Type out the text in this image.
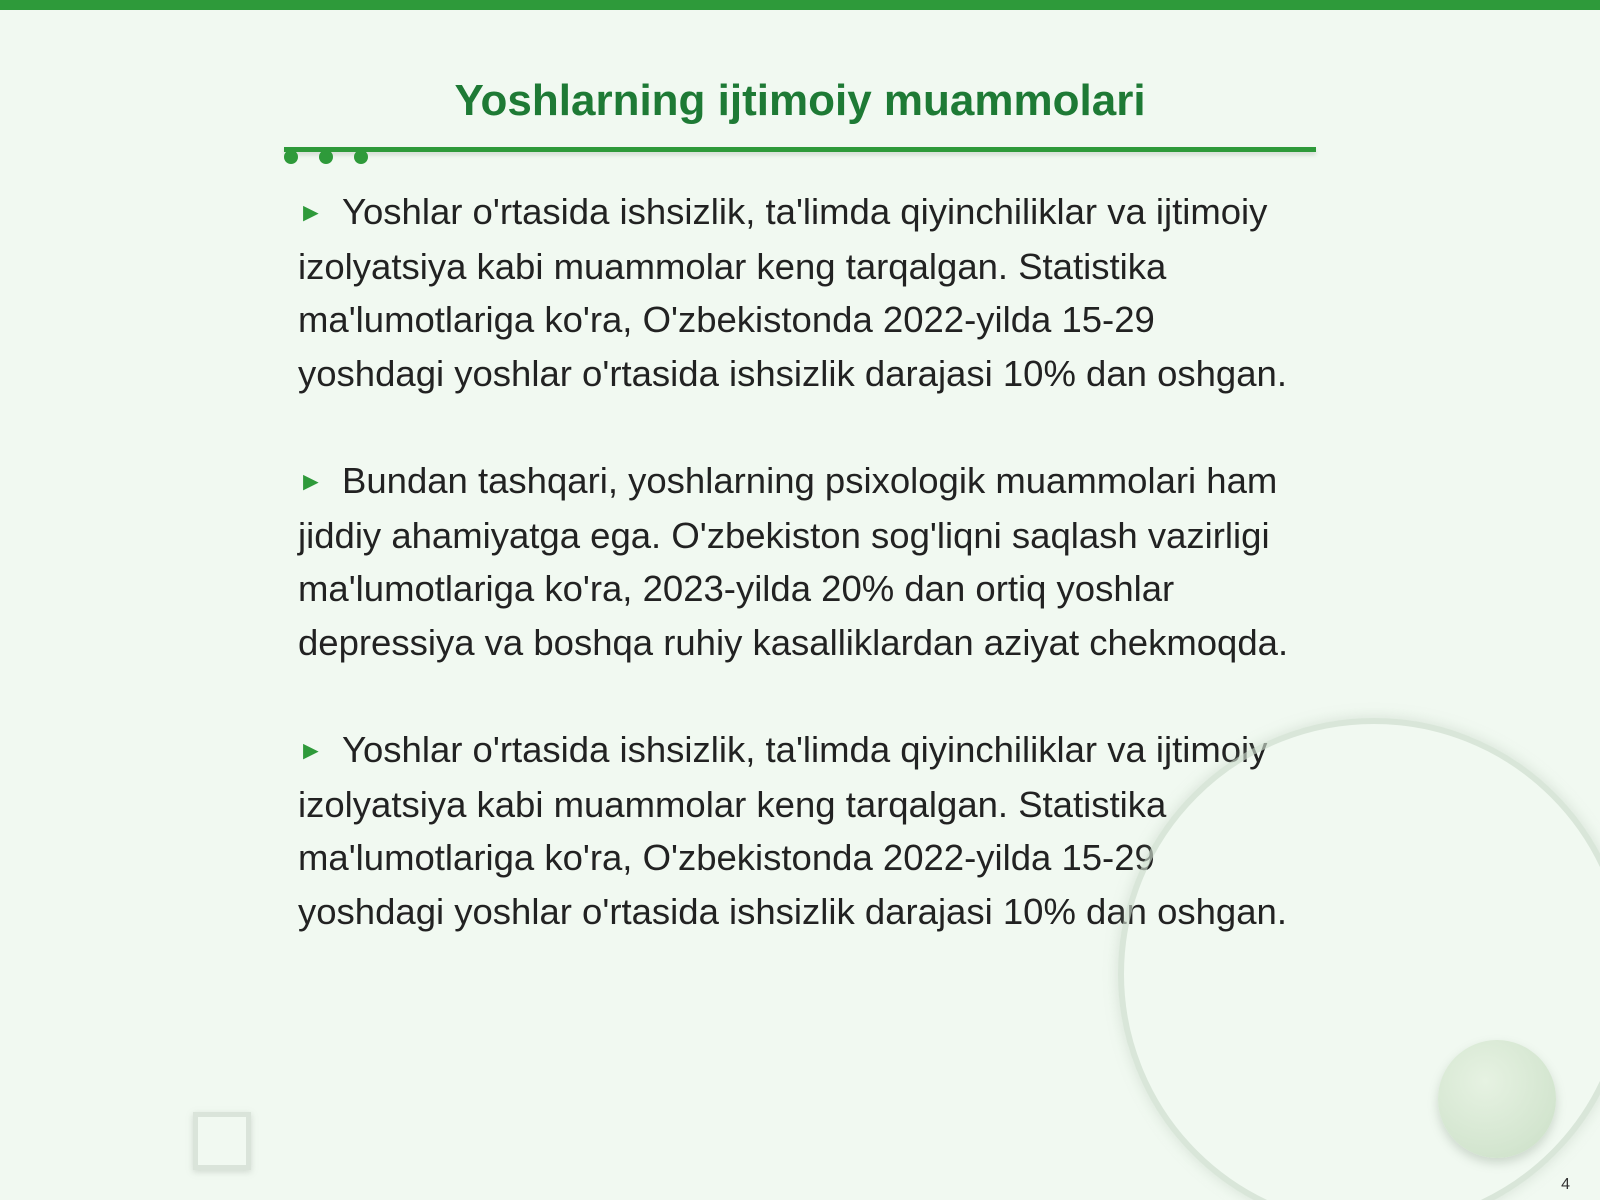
Yoshlarning ijtimoiy muammolari

► Yoshlar o'rtasida ishsizlik, ta'limda qiyinchiliklar va ijtimoiy izolyatsiya kabi muammolar keng tarqalgan. Statistika ma'lumotlariga ko'ra, O'zbekistonda 2022-yilda 15-29 yoshdagi yoshlar o'rtasida ishsizlik darajasi 10% dan oshgan.

► Bundan tashqari, yoshlarning psixologik muammolari ham jiddiy ahamiyatga ega. O'zbekiston sog'liqni saqlash vazirligi ma'lumotlariga ko'ra, 2023-yilda 20% dan ortiq yoshlar depressiya va boshqa ruhiy kasalliklardan aziyat chekmoqda.

► Yoshlar o'rtasida ishsizlik, ta'limda qiyinchiliklar va ijtimoiy izolyatsiya kabi muammolar keng tarqalgan. Statistika ma'lumotlariga ko'ra, O'zbekistonda 2022-yilda 15-29 yoshdagi yoshlar o'rtasida ishsizlik darajasi 10% dan oshgan.

4
